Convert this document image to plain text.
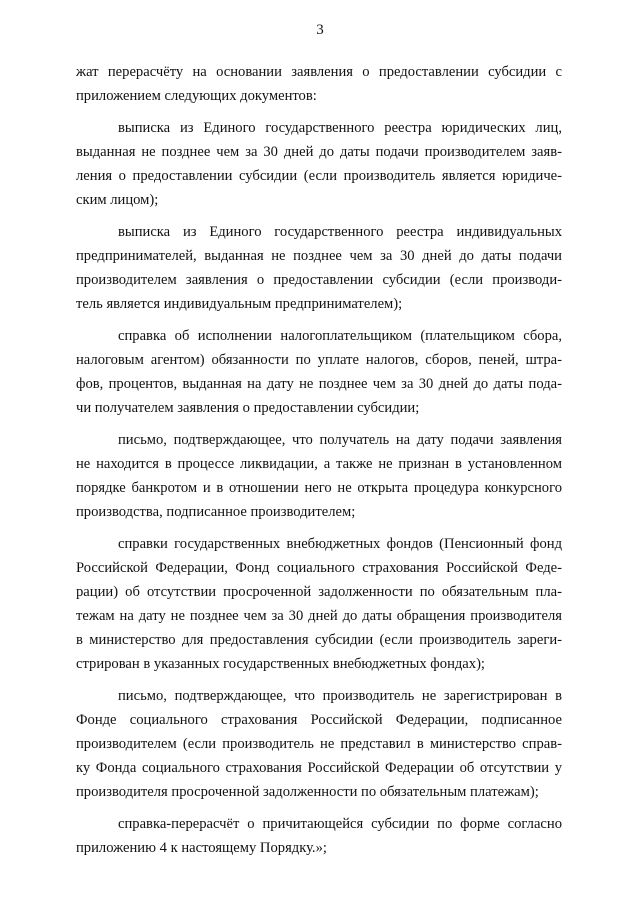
3
жат перерасчёту на основании заявления о предоставлении субсидии с
приложением следующих документов:
выписка из Единого государственного реестра юридических лиц,
выданная не позднее чем за 30 дней до даты подачи производителем заяв-
ления о предоставлении субсидии (если производитель является юридиче-
ским лицом);
выписка из Единого государственного реестра индивидуальных
предпринимателей, выданная не позднее чем за 30 дней до даты подачи
производителем заявления о предоставлении субсидии (если производи-
тель является индивидуальным предпринимателем);
справка об исполнении налогоплательщиком (плательщиком сбора,
налоговым агентом) обязанности по уплате налогов, сборов, пеней, штра-
фов, процентов, выданная на дату не позднее чем за 30 дней до даты пода-
чи получателем заявления о предоставлении субсидии;
письмо, подтверждающее, что получатель на дату подачи заявления
не находится в процессе ликвидации, а также не признан в установленном
порядке банкротом и в отношении него не открыта процедура конкурсного
производства, подписанное производителем;
справки государственных внебюджетных фондов (Пенсионный фонд
Российской Федерации, Фонд социального страхования Российской Феде-
рации) об отсутствии просроченной задолженности по обязательным пла-
тежам на дату не позднее чем за 30 дней до даты обращения производителя
в министерство для предоставления субсидии (если производитель зареги-
стрирован в указанных государственных внебюджетных фондах);
письмо, подтверждающее, что производитель не зарегистрирован в
Фонде социального страхования Российской Федерации, подписанное
производителем (если производитель не представил в министерство справ-
ку Фонда социального страхования Российской Федерации об отсутствии у
производителя просроченной задолженности по обязательным платежам);
справка-перерасчёт о причитающейся субсидии по форме согласно
приложению 4 к настоящему Порядку.»;
